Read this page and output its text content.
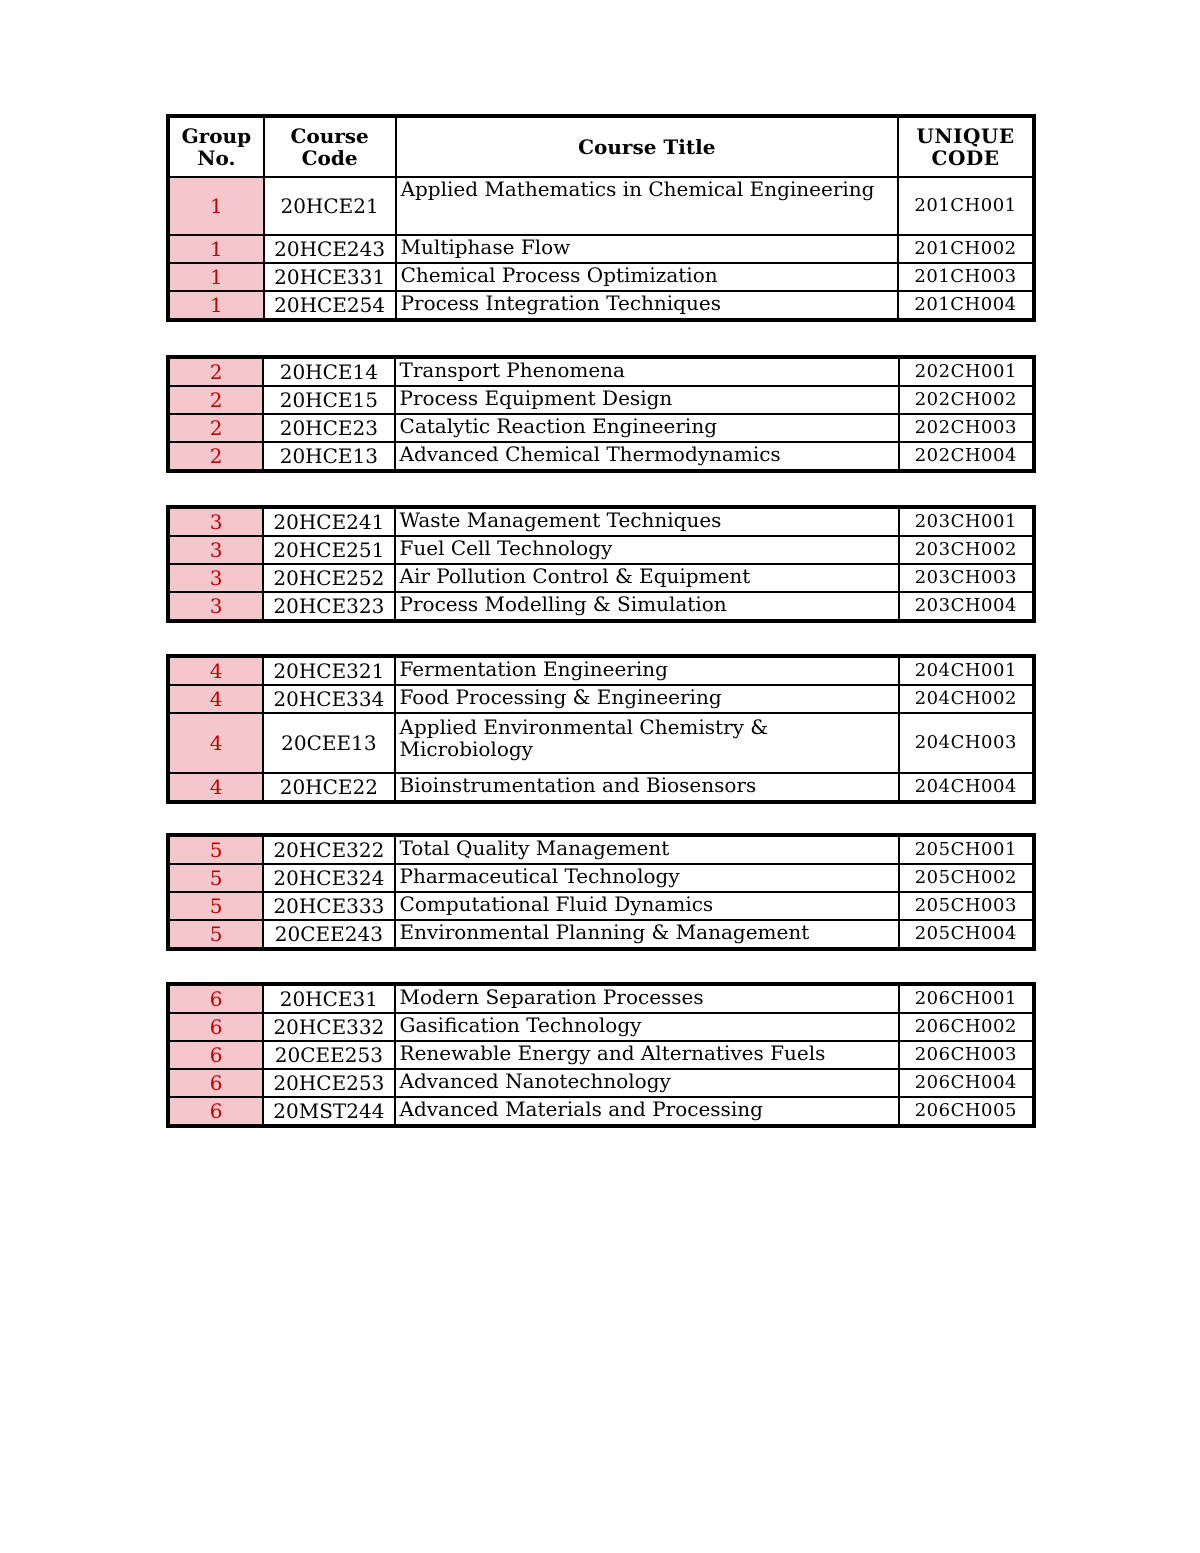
Group No.	Course Code	Course Title	UNIQUE CODE
1	20HCE21	Applied Mathematics in Chemical Engineering	201CH001
1	20HCE243	Multiphase Flow	201CH002
1	20HCE331	Chemical Process Optimization	201CH003
1	20HCE254	Process Integration Techniques	201CH004
2	20HCE14	Transport Phenomena	202CH001
2	20HCE15	Process Equipment Design	202CH002
2	20HCE23	Catalytic Reaction Engineering	202CH003
2	20HCE13	Advanced Chemical Thermodynamics	202CH004
3	20HCE241	Waste Management Techniques	203CH001
3	20HCE251	Fuel Cell Technology	203CH002
3	20HCE252	Air Pollution Control & Equipment	203CH003
3	20HCE323	Process Modelling & Simulation	203CH004
4	20HCE321	Fermentation Engineering	204CH001
4	20HCE334	Food Processing & Engineering	204CH002
4	20CEE13	Applied Environmental Chemistry & Microbiology	204CH003
4	20HCE22	Bioinstrumentation and Biosensors	204CH004
5	20HCE322	Total Quality Management	205CH001
5	20HCE324	Pharmaceutical Technology	205CH002
5	20HCE333	Computational Fluid Dynamics	205CH003
5	20CEE243	Environmental Planning & Management	205CH004
6	20HCE31	Modern Separation Processes	206CH001
6	20HCE332	Gasification Technology	206CH002
6	20CEE253	Renewable Energy and Alternatives Fuels	206CH003
6	20HCE253	Advanced Nanotechnology	206CH004
6	20MST244	Advanced Materials and Processing	206CH005
